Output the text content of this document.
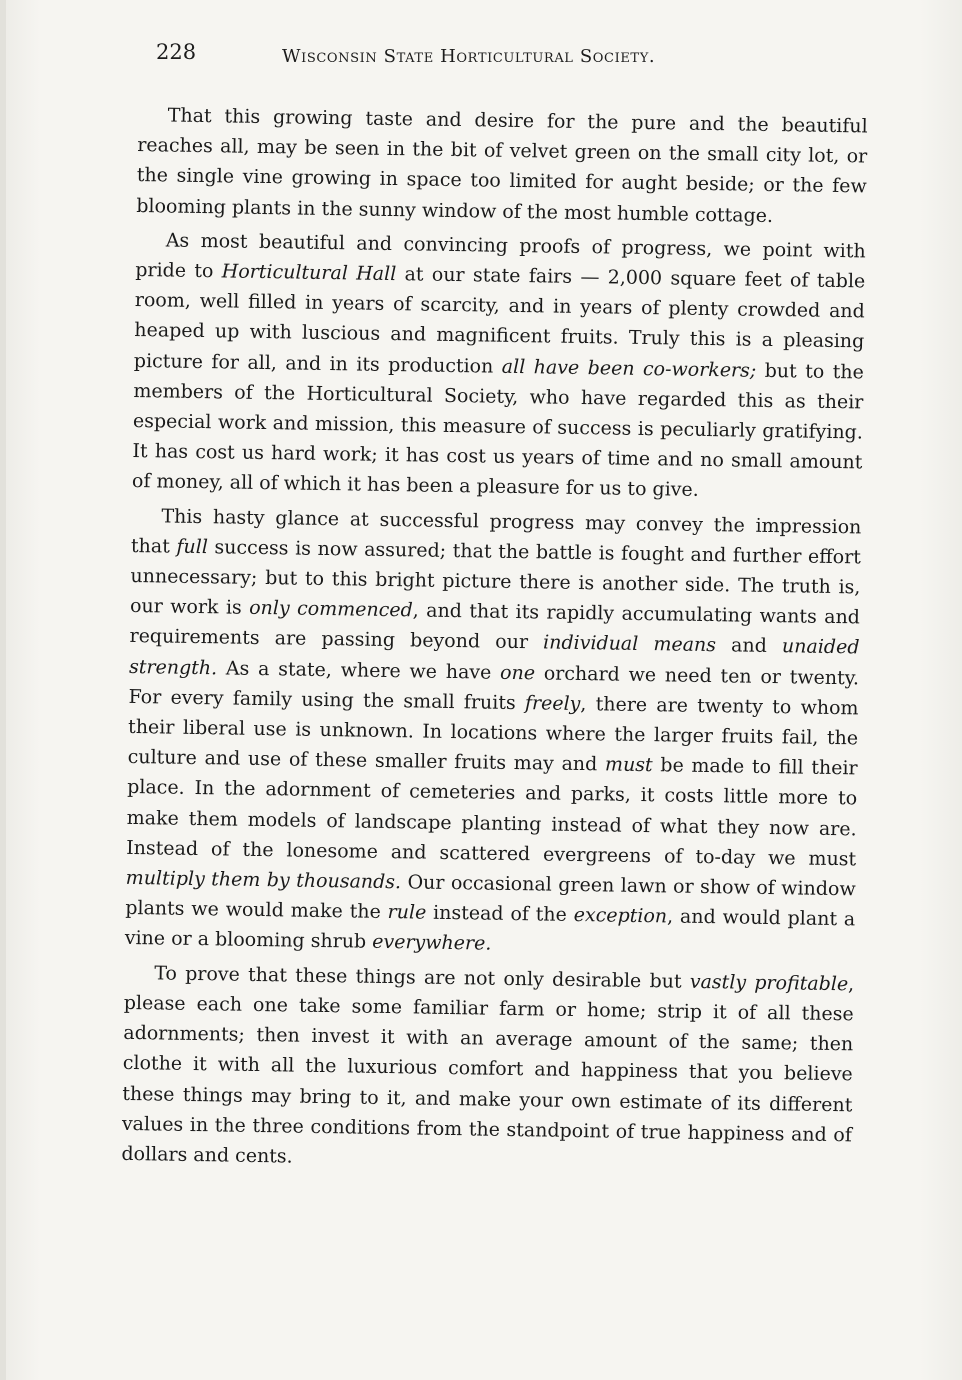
228	Wisconsin State Horticultural Society.

That this growing taste and desire for the pure and the beautiful reaches all, may be seen in the bit of velvet green on the small city lot, or the single vine growing in space too limited for aught beside; or the few blooming plants in the sunny window of the most humble cottage.

As most beautiful and convincing proofs of progress, we point with pride to Horticultural Hall at our state fairs — 2,000 square feet of table room, well filled in years of scarcity, and in years of plenty crowded and heaped up with luscious and magnificent fruits. Truly this is a pleasing picture for all, and in its production all have been co-workers; but to the members of the Horticultural Society, who have regarded this as their especial work and mission, this measure of success is peculiarly gratifying. It has cost us hard work; it has cost us years of time and no small amount of money, all of which it has been a pleasure for us to give.

This hasty glance at successful progress may convey the impression that full success is now assured; that the battle is fought and further effort unnecessary; but to this bright picture there is another side. The truth is, our work is only commenced, and that its rapidly accumulating wants and requirements are passing beyond our individual means and unaided strength. As a state, where we have one orchard we need ten or twenty. For every family using the small fruits freely, there are twenty to whom their liberal use is unknown. In locations where the larger fruits fail, the culture and use of these smaller fruits may and must be made to fill their place. In the adornment of cemeteries and parks, it costs little more to make them models of landscape planting instead of what they now are. Instead of the lonesome and scattered evergreens of to-day we must multiply them by thousands. Our occasional green lawn or show of window plants we would make the rule instead of the exception, and would plant a vine or a blooming shrub everywhere.

To prove that these things are not only desirable but vastly profitable, please each one take some familiar farm or home; strip it of all these adornments; then invest it with an average amount of the same; then clothe it with all the luxurious comfort and happiness that you believe these things may bring to it, and make your own estimate of its different values in the three conditions from the standpoint of true happiness and of dollars and cents.
